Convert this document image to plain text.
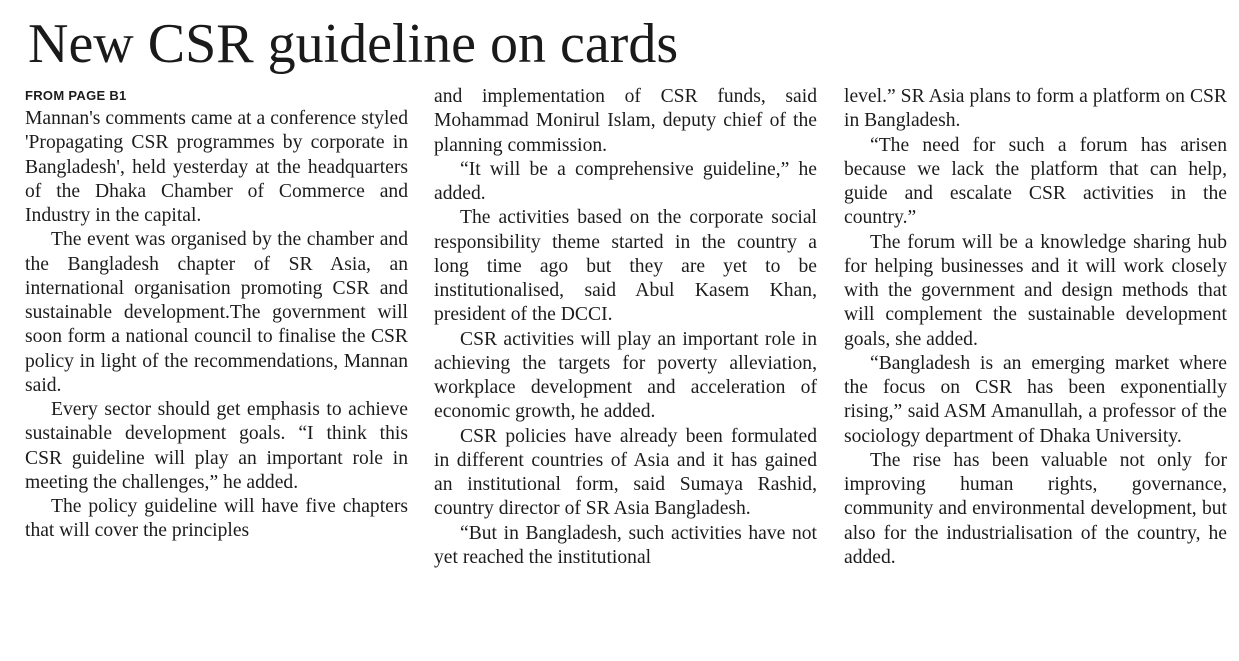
New CSR guideline on cards
FROM PAGE B1

Mannan's comments came at a conference styled 'Propagating CSR programmes by corporate in Bangladesh', held yesterday at the headquarters of the Dhaka Chamber of Commerce and Industry in the capital.

The event was organised by the chamber and the Bangladesh chapter of SR Asia, an international organisation promoting CSR and sustainable development.The government will soon form a national council to finalise the CSR policy in light of the recommendations, Mannan said.

Every sector should get emphasis to achieve sustainable development goals. “I think this CSR guideline will play an important role in meeting the challenges,” he added.

The policy guideline will have five chapters that will cover the principles

and implementation of CSR funds, said Mohammad Monirul Islam, deputy chief of the planning commission.

“It will be a comprehensive guideline,” he added.

The activities based on the corporate social responsibility theme started in the country a long time ago but they are yet to be institutionalised, said Abul Kasem Khan, president of the DCCI.

CSR activities will play an important role in achieving the targets for poverty alleviation, workplace development and acceleration of economic growth, he added.

CSR policies have already been formulated in different countries of Asia and it has gained an institutional form, said Sumaya Rashid, country director of SR Asia Bangladesh.

“But in Bangladesh, such activities have not yet reached the institutional

level.” SR Asia plans to form a platform on CSR in Bangladesh.

“The need for such a forum has arisen because we lack the platform that can help, guide and escalate CSR activities in the country.”

The forum will be a knowledge sharing hub for helping businesses and it will work closely with the government and design methods that will complement the sustainable development goals, she added.

“Bangladesh is an emerging market where the focus on CSR has been exponentially rising,” said ASM Amanullah, a professor of the sociology department of Dhaka University.

The rise has been valuable not only for improving human rights, governance, community and environmental development, but also for the industrialisation of the country, he added.
